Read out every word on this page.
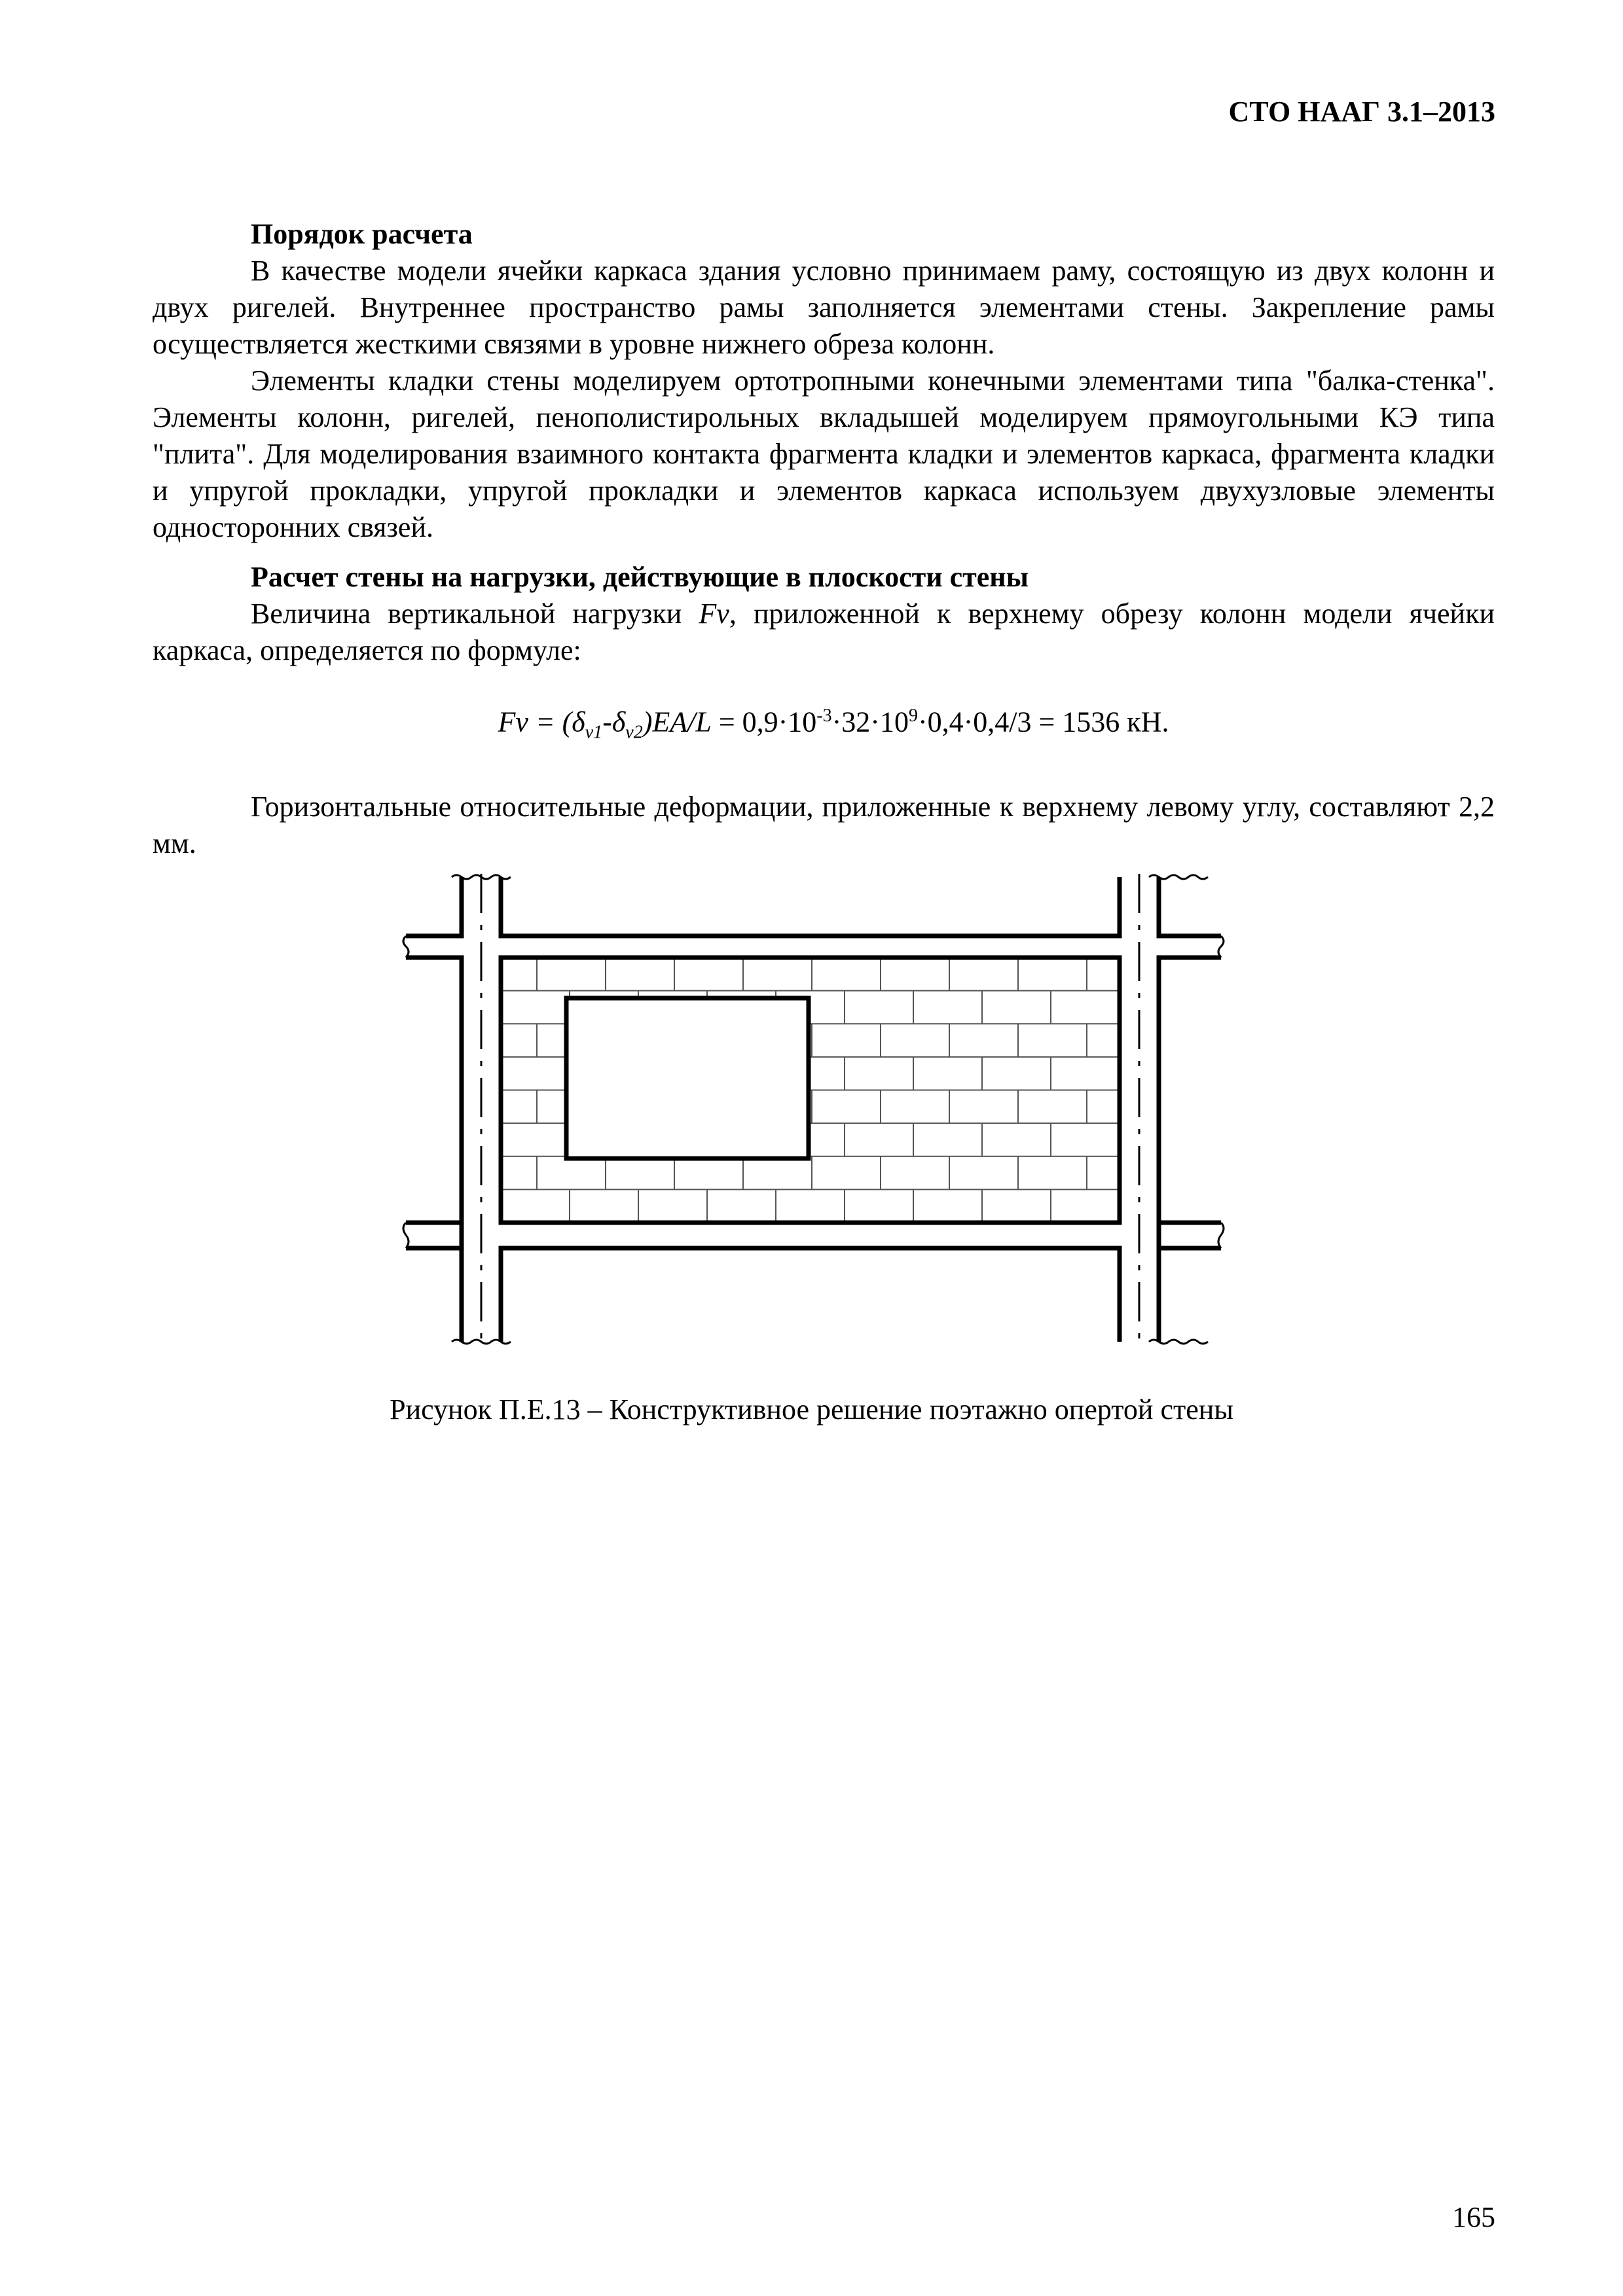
СТО НААГ 3.1–2013

Порядок расчета

В качестве модели ячейки каркаса здания условно принимаем раму, состоящую из двух колонн и двух ригелей. Внутреннее пространство рамы заполняется элементами стены. Закрепление рамы осуществляется жесткими связями в уровне нижнего обреза колонн.

Элементы кладки стены моделируем ортотропными конечными элементами типа "балка-стенка". Элементы колонн, ригелей, пенополистирольных вкладышей моделируем прямоугольными КЭ типа "плита". Для моделирования взаимного контакта фрагмента кладки и элементов каркаса, фрагмента кладки и упругой прокладки, упругой прокладки и элементов каркаса используем двухузловые элементы односторонних связей.

Расчет стены на нагрузки, действующие в плоскости стены

Величина вертикальной нагрузки Fv, приложенной к верхнему обрезу колонн модели ячейки каркаса, определяется по формуле:

$Fv = (\delta_{v1}-\delta_{v2})EA/L = 0,9\cdot 10^{-3}\cdot 32\cdot 10^9\cdot 0,4\cdot 0,4/3 = 1536$ кН.

Горизонтальные относительные деформации, приложенные к верхнему левому углу, составляют 2,2 мм.

Рисунок П.Е.13 – Конструктивное решение поэтажно опертой стены

165
